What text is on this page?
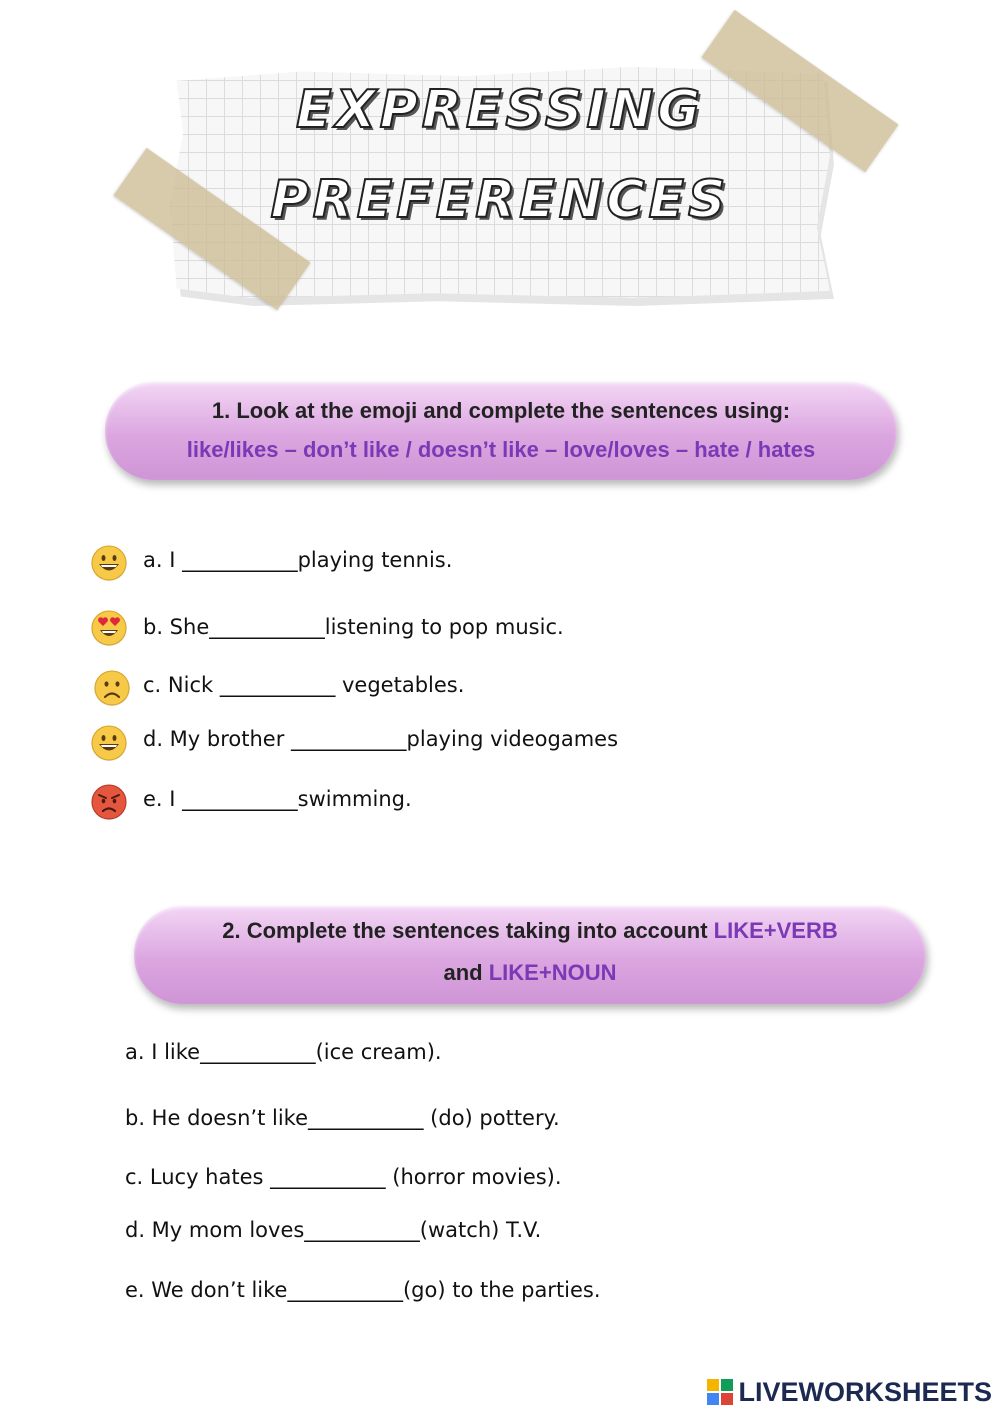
EXPRESSING
PREFERENCES
1. Look at the emoji and complete the sentences using:
like/likes – don’t like / doesn’t like – love/loves – hate / hates
a. I ___________playing tennis.
b. She___________listening to pop music.
c. Nick ___________ vegetables.
d. My brother ___________playing videogames
e. I ___________swimming.
2. Complete the sentences taking into account LIKE+VERB
and LIKE+NOUN
a. I like___________(ice cream).
b. He doesn’t like___________ (do) pottery.
c. Lucy hates ___________ (horror movies).
d. My mom loves___________(watch) T.V.
e. We don’t like___________(go) to the parties.
LIVEWORKSHEETS
